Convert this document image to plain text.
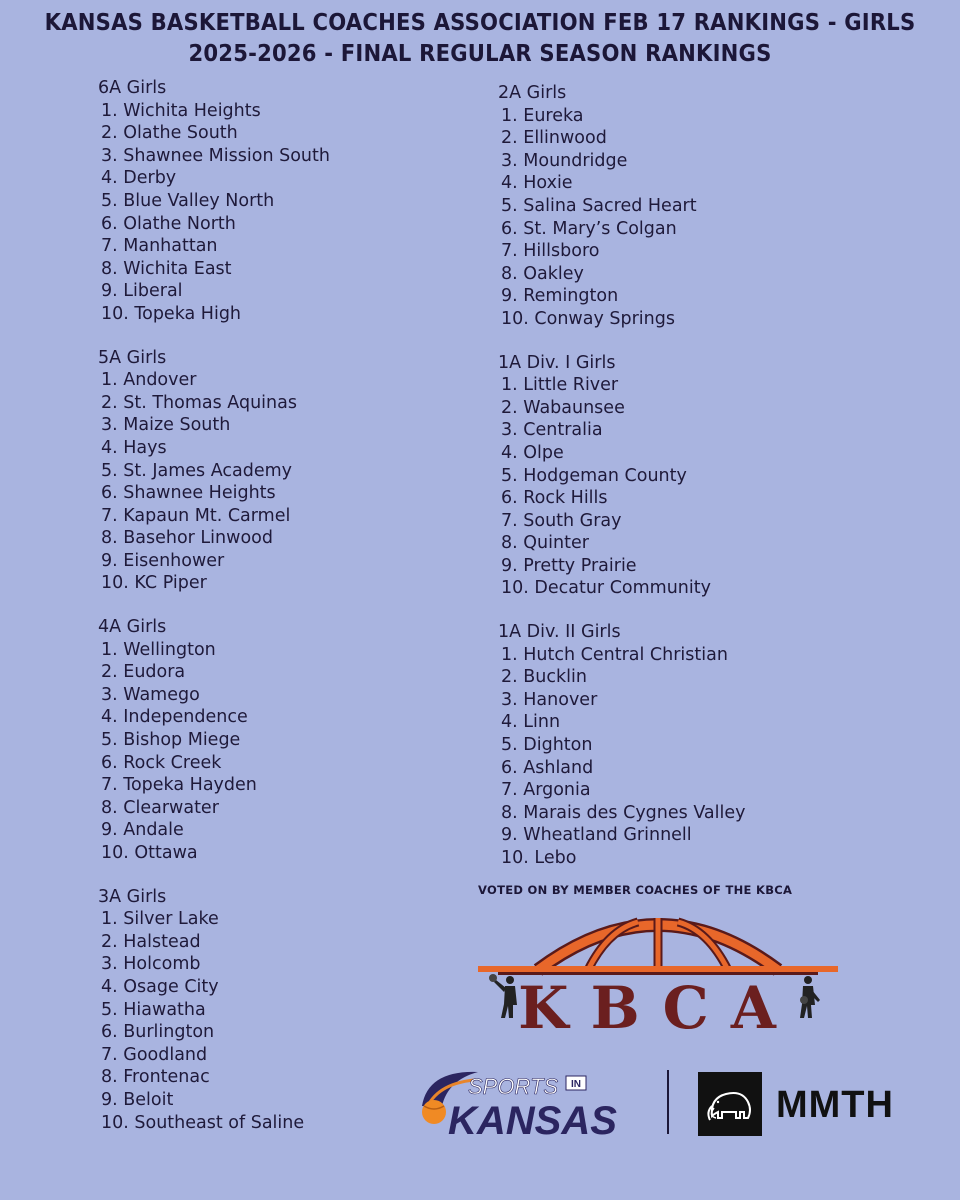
KANSAS BASKETBALL COACHES ASSOCIATION FEB 17 RANKINGS - GIRLS
2025-2026 - FINAL REGULAR SEASON RANKINGS
6A Girls
1. Wichita Heights
2. Olathe South
3. Shawnee Mission South
4. Derby
5. Blue Valley North
6. Olathe North
7. Manhattan
8. Wichita East
9. Liberal
10. Topeka High
5A Girls
1. Andover
2. St. Thomas Aquinas
3. Maize South
4. Hays
5. St. James Academy
6. Shawnee Heights
7. Kapaun Mt. Carmel
8. Basehor Linwood
9. Eisenhower
10. KC Piper
4A Girls
1. Wellington
2. Eudora
3. Wamego
4. Independence
5. Bishop Miege
6. Rock Creek
7. Topeka Hayden
8. Clearwater
9. Andale
10. Ottawa
3A Girls
1. Silver Lake
2. Halstead
3. Holcomb
4. Osage City
5. Hiawatha
6. Burlington
7. Goodland
8. Frontenac
9. Beloit
10. Southeast of Saline
2A Girls
1. Eureka
2. Ellinwood
3. Moundridge
4. Hoxie
5. Salina Sacred Heart
6. St. Mary’s Colgan
7. Hillsboro
8. Oakley
9. Remington
10. Conway Springs
1A Div. I Girls
1. Little River
2. Wabaunsee
3. Centralia
4. Olpe
5. Hodgeman County
6. Rock Hills
7. South Gray
8. Quinter
9. Pretty Prairie
10. Decatur Community
1A Div. II Girls
1. Hutch Central Christian
2. Bucklin
3. Hanover
4. Linn
5. Dighton
6. Ashland
7. Argonia
8. Marais des Cygnes Valley
9. Wheatland Grinnell
10. Lebo
VOTED ON BY MEMBER COACHES OF THE KBCA
KBCA
SPORTS IN
KANSAS	MMTH
